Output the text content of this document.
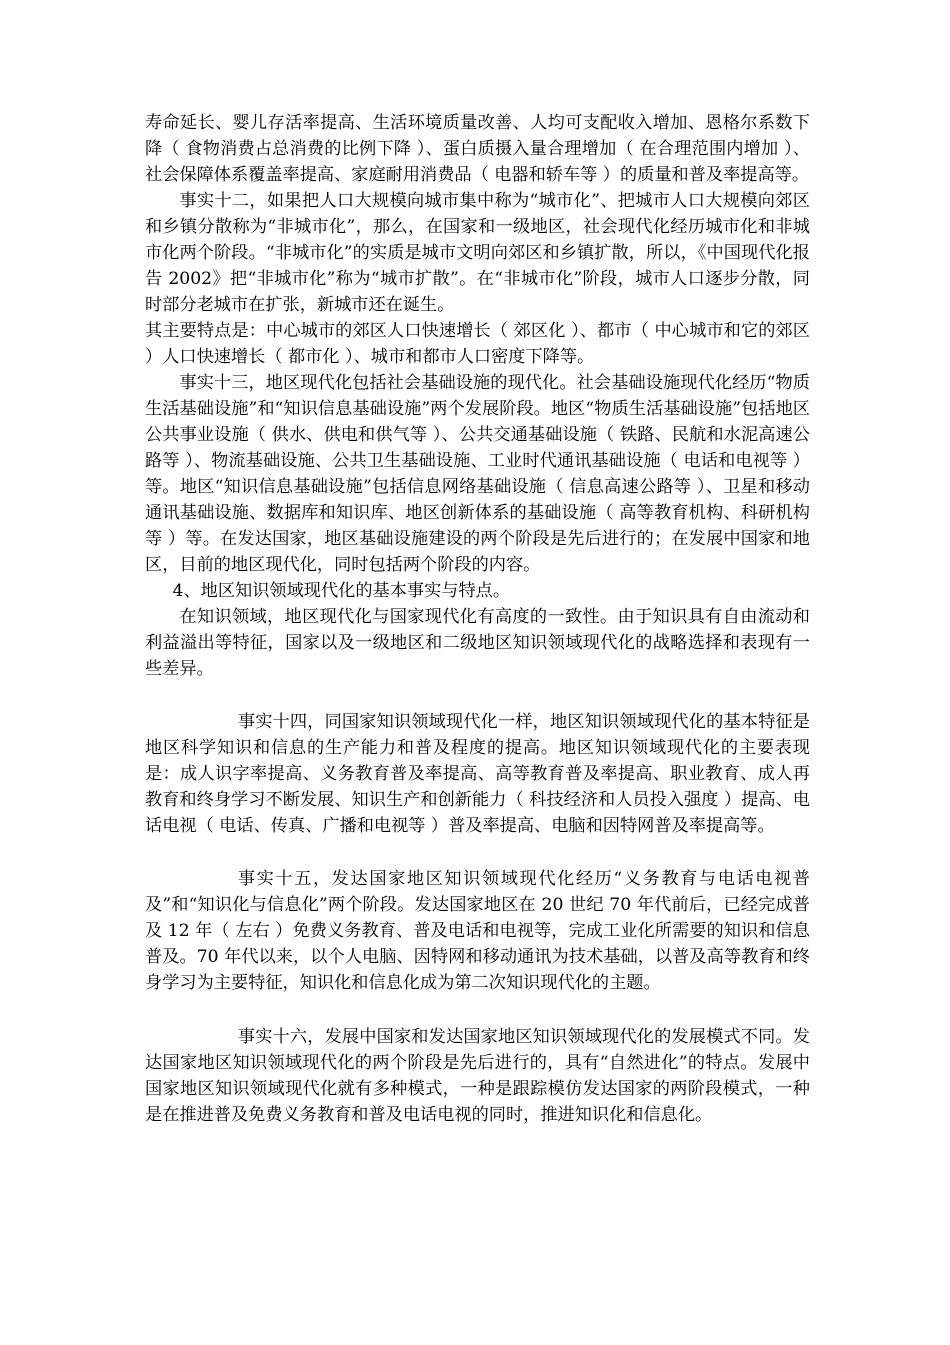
寿命延长、婴儿存活率提高、生活环境质量改善、人均可支配收入增加、恩格尔系数下降（ 食物消费占总消费的比例下降 ）、蛋白质摄入量合理增加（ 在合理范围内增加 ）、社会保障体系覆盖率提高、家庭耐用消费品（ 电器和轿车等 ）的质量和普及率提高等。

事实十二，如果把人口大规模向城市集中称为“城市化”、把城市人口大规模向郊区和乡镇分散称为“非城市化”，那么，在国家和一级地区，社会现代化经历城市化和非城市化两个阶段。“非城市化”的实质是城市文明向郊区和乡镇扩散，所以，《中国现代化报告 2002》把“非城市化”称为“城市扩散”。在“非城市化”阶段，城市人口逐步分散，同时部分老城市在扩张，新城市还在诞生。

其主要特点是：中心城市的郊区人口快速增长（ 郊区化 ）、都市（ 中心城市和它的郊区 ）人口快速增长（ 都市化 ）、城市和都市人口密度下降等。

事实十三，地区现代化包括社会基础设施的现代化。社会基础设施现代化经历“物质生活基础设施”和“知识信息基础设施”两个发展阶段。地区“物质生活基础设施”包括地区公共事业设施（ 供水、供电和供气等 ）、公共交通基础设施（ 铁路、民航和水泥高速公路等 ）、物流基础设施、公共卫生基础设施、工业时代通讯基础设施（ 电话和电视等 ）等。地区“知识信息基础设施”包括信息网络基础设施（ 信息高速公路等 ）、卫星和移动通讯基础设施、数据库和知识库、地区创新体系的基础设施（ 高等教育机构、科研机构等 ）等。在发达国家，地区基础设施建设的两个阶段是先后进行的；在发展中国家和地区，目前的地区现代化，同时包括两个阶段的内容。

4、地区知识领域现代化的基本事实与特点。

在知识领域，地区现代化与国家现代化有高度的一致性。由于知识具有自由流动和利益溢出等特征，国家以及一级地区和二级地区知识领域现代化的战略选择和表现有一些差异。

事实十四，同国家知识领域现代化一样，地区知识领域现代化的基本特征是地区科学知识和信息的生产能力和普及程度的提高。地区知识领域现代化的主要表现是：成人识字率提高、义务教育普及率提高、高等教育普及率提高、职业教育、成人再教育和终身学习不断发展、知识生产和创新能力（ 科技经济和人员投入强度 ）提高、电话电视（ 电话、传真、广播和电视等 ）普及率提高、电脑和因特网普及率提高等。

事实十五，发达国家地区知识领域现代化经历“义务教育与电话电视普及”和“知识化与信息化”两个阶段。发达国家地区在 20 世纪 70 年代前后，已经完成普及 12 年（ 左右 ）免费义务教育、普及电话和电视等，完成工业化所需要的知识和信息普及。70 年代以来，以个人电脑、因特网和移动通讯为技术基础，以普及高等教育和终身学习为主要特征，知识化和信息化成为第二次知识现代化的主题。

事实十六，发展中国家和发达国家地区知识领域现代化的发展模式不同。发达国家地区知识领域现代化的两个阶段是先后进行的，具有“自然进化”的特点。发展中国家地区知识领域现代化就有多种模式，一种是跟踪模仿发达国家的两阶段模式，一种是在推进普及免费义务教育和普及电话电视的同时，推进知识化和信息化。
